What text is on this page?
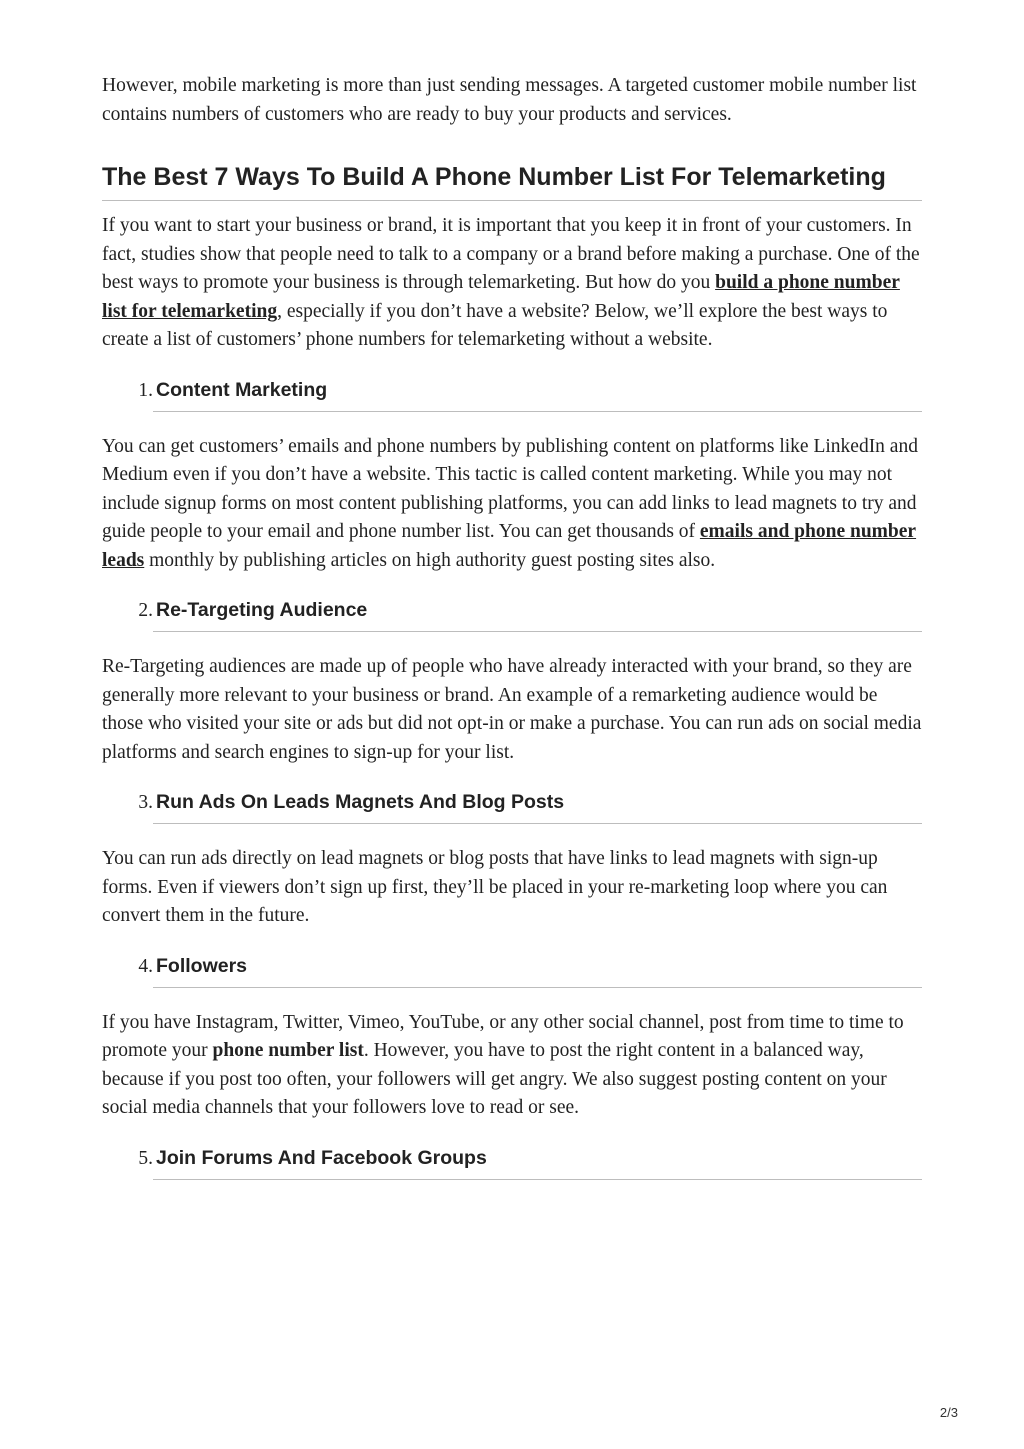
However, mobile marketing is more than just sending messages. A targeted customer mobile number list contains numbers of customers who are ready to buy your products and services.

The Best 7 Ways To Build A Phone Number List For Telemarketing

If you want to start your business or brand, it is important that you keep it in front of your customers. In fact, studies show that people need to talk to a company or a brand before making a purchase. One of the best ways to promote your business is through telemarketing. But how do you build a phone number list for telemarketing, especially if you don’t have a website? Below, we’ll explore the best ways to create a list of customers’ phone numbers for telemarketing without a website.

1. Content Marketing

You can get customers’ emails and phone numbers by publishing content on platforms like LinkedIn and Medium even if you don’t have a website. This tactic is called content marketing. While you may not include signup forms on most content publishing platforms, you can add links to lead magnets to try and guide people to your email and phone number list. You can get thousands of emails and phone number leads monthly by publishing articles on high authority guest posting sites also.

2. Re-Targeting Audience

Re-Targeting audiences are made up of people who have already interacted with your brand, so they are generally more relevant to your business or brand. An example of a remarketing audience would be those who visited your site or ads but did not opt-in or make a purchase. You can run ads on social media platforms and search engines to sign-up for your list.

3. Run Ads On Leads Magnets And Blog Posts

You can run ads directly on lead magnets or blog posts that have links to lead magnets with sign-up forms. Even if viewers don’t sign up first, they’ll be placed in your re-marketing loop where you can convert them in the future.

4. Followers

If you have Instagram, Twitter, Vimeo, YouTube, or any other social channel, post from time to time to promote your phone number list. However, you have to post the right content in a balanced way, because if you post too often, your followers will get angry. We also suggest posting content on your social media channels that your followers love to read or see.

5. Join Forums And Facebook Groups
2/3
